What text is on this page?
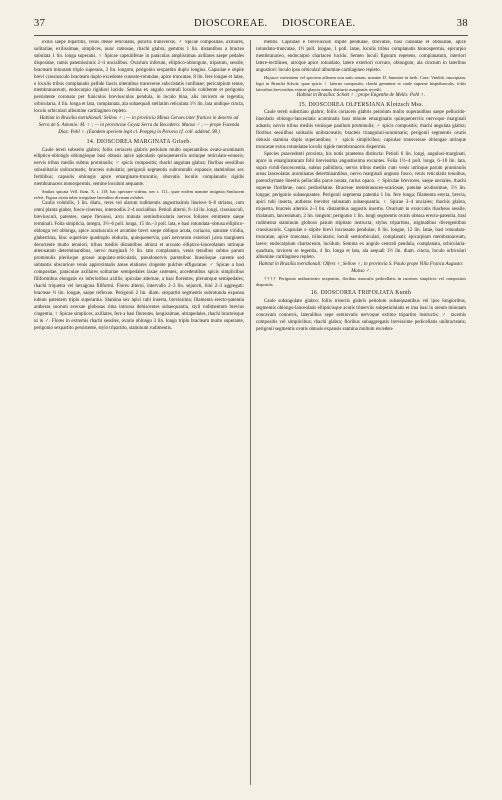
37	DIOSCOREAE. DIOSCOREAE.	38

exilis saepe bipartitis, venis dense reticulatis, punctis transversis. ♂ Spicae compositae, axillares, solitariae, exilissimae, simplices, nunc ramosae, rhachi glabra, gemmis 1 lin. distantibus a bractea subulata 1 lin. longa superatis. ♀ Spicae capsuliferae in paniculas amplissimas axillares saepe pedales dispositae, ramis patentissimis 2–4 uncialibus. Ovarium inferum, elliptico-oblongum, triparum, sessile, bracteam minutam triplo superans, 3 lin. longum, perigonio sexpartito duplo longius. Capsulae e stipite brevi crassiusculo bracteam duplo excedente cuneato-rotundae, apice truncatae, 8 lin. fere longae et latae, e loculis tribus complanatis pellide fascis nitentibus transverse subcristatis conflatae; pericarpium tenue, membranaceum, endocarpio rigidiori lucido. Semina ex angulo centrali loculis cohibente et perigonio persistente coronato per funiculos breviusculos pendula, in loculo bina, alis invicem se tegentia, orbicularia, 4 lin. longa et lata, complanata, ala subaequali stellatim reticulata 1½ lin. lata undique cincta, loculo orbiculari albumine cartilagineo repleto.

Habitat in Brasilia meridionali: Sellow ♂ ; — in provincia Minas Geraes inter frutices in deserto ad Serra de S. Antonio: M. ♀ ; — in provinciae Goyaz Serra da Bocadera: Manso ♂ ; — prope Fazenda Diaz: Pohl ♀. (Eandem speciem legit cl. Poeppig in Peruvia cf. coll. addend. 98.)

14. DIOSCOREA MARGINATA Griseb.

Caule tereti subserio glabro; foliis coriaceis glabris petiolum multo superantibus ovato-acuminatis elliptico-oblongis oblongisque basi obtusis apice apiculatis quinquenerviis utrinque reticulato-venosis; nervis tribus mediis subtus prominulis; ♂ spicis compositis; rhachi angulata glabra; floribus sessilibus subsolitariis unibracteatis; bracteis subulatis; perigonii segmentis subrotundis expansis staminibus sex fertilibus; capsulis oblongis apice emarginato-truncatis, obovatis loculis complanatis rigidis membranaceis monospermis, semine loculum aequante.

Smilax spicata Vell. flum. X. t. 118. hac spectare videtur, nec t. 111., quae eodem nomine insignita Smilacem refert. Figura citata tuber irregulare lateraliter divisum exhibet.

Caulis volubilis, 1 lin. diam., teres vel alarum rudimentis angustissimis lineisve 6–8 striatus, cum omni planta glaber, fusco-cinereus, internodiis 2–4 uncialibus. Petioli alterni, 8–14 lin. longi, crassiusculi, breviusculi, patentes, saepe flexuosi, arcu minuta semiorbicularia nervos foliares emittente saepe terminali. Folia simplicia, integra, 3½–6 poll. longa, 15 lin.–3 poll. lata, e basi rotundata–obtusa elliptico-oblonga vel oblonga, apice acutiuscula et acumine brevi saepe obliquo acuta, coriacea, saturate viridia, glaberrima, hinc superiore quadruplo obducta, quinquenervia, pari nervorum exteriori juxta marginem decurrente multo tenuiori, tribus mediis distantibus altiora et arcuato elliptico-lanceolatam utrinque attenuatam determinantibus, nervo marginali ½ lin. tato complanato, venis tenuibus subtus parum prominulis pleriisque grosse angulato-reticulatis, pseudonervis parentibus lineolisque carente sed subtantis obscuriore venis approximatis areae elatiores cingente pulchre effiguratae. ♂ Spicae a basi compositae, paniculae axillares solitariae semipedales laxae sistentes, accedentibus spicis simplicibus filiformibus elongatis ex inferioribus axillis; spiculae alternae, a basi florentes, plerumque semipedales, rhachi triquetra vel hexagona filiformi. Flores alterni, intervallo 2–3 lin. sejuncti, bini 2–3 aggregati: bracteae ½ lin. longae, saepe reflexae. Perigonii 2 lin. diam. sexpartiti segmentis subrotunda expansa tubum patentem triplo superantia. Stamina sex apici tubi inserta, brevissima; filamenta erecto-patentia antheras suorum aversae globosas rima introrsa dehiscentes subaequantia, styli rudimentum brevius cingentia. ♀ Spicae simplices, axillares, fere a basi florentes, longissimae, ultrapedales, rhachi bracteisque ut in ♂. Flores in extremis rhachi sessiles, ovario oblongo 3 lin. longo triplo bracteam multo superante, perigonio sexpartito persistente, stylo tripartito, staminum rudimentis.

mentis. Capsulae e breviusculo stipite pendulae, obovatae, basi cuneatae et obtusatae, apice rotundato-truncatae, 1½ poll. longae, 1 poll. latae, loculis tribus complanatis monospermis, epicarpio membranaceo, endocarpio chartaceo lucido. Semen loculi figuram repetens, complanatum, interiori latere-rectilineo, utroque apice rotundato, latere exteriori curvato, oblongum, ala cinctum in lateribus angustiori: loculo ipso orbiculari albumine cartilagineo repleto.

Hujusce varietatem vel speciem affinem non satis notam, nomine D. Janonise in herb. Caes. Vindob. inscriptam, legit in Brasilia Schott; quae spicis ♀ laterno compositis, rhachi gemmine et caule superne hispidiusculis, foliis latioribus brevioribus eximie glaucis minus distincte marginatis recedit.

Habitat in Brasilia: Schott ♂ ; prope Engenho de Mello: Pohl ♀.

15. DIOSCOREA OLFERSIANA Klotzsch Mss.

Caule tereti substriato glabro; foliis coriaceis glabris petiolum multo superantibus saepe pellucido-lineolatis oblongo-lanceolatis acuminatis basi minute emarginatis quinquenerviis nervoque marginali adnatis; nervis tribus mediis venisque paullum prominulis; ♂ spicis compositis; rhachi angulata glabra; floribus sessilibus solitariis unibracteatis; bracteis triangulari-acuminatis; perigonii segmentis ovatis obtusis stamina duplo superantibus; ♀ spicis simplicibus; capsulae transversae oblongae utrinque truncatae extus rotundatae loculis rigide membranaceis dispermis.

Species praecedenti proxima, his notis praeterea distincta: Petioli 6 lin. longi, angulosi-marginati, apice in emarginaturam folii brevissima angustissima excuntes. Folia 1½–4 poll. longa, 6–18 lin. lata, supra viridi-fuscescentia, subtus pallidiora, nervis tribus mediis cum venis utrinque parum prominulis areas lanceolatas acuminatas determinantibus, nervo marginali angusto fusco, venis reticulatis tenuibus, parenchymate lineolis pellucidis parce notata, rarius opaco. ♂ Spiculae breviores, saepe unciales, rhachi superne floriferae, nunc pedicellatae. Bracteae membranaceo-scariosae, patulae acutissimae, 1½ lin. longae; perigonio subaequantes. Perigonii segmenta patentia 1 lin. fere longa; filamenta erecta, brevia, apici tubi inserta, antheras breviter subnatam subaequantia. ♀ Spicae 3–4 unciales; rhachis glabra, triquetra, bracteis alternis 2–3 lin. distantibus augustis insertis. Ovarium in exsiccatis rhacheos sessile, trialatum, lanceolatum, 2 lin. longum; perigonio 1 lin. longi segmentis ovatis obtusa erecto-patentia, basi rudimenta staminum globoso parum stipitato instructa; stylus tripartitus, stigmatibus divergentibus crassiusculis. Capsulae e stipite brevi incrassato pendulae, 8 lin. longae, 12 lin. latae, basi rotundato-truncatae, apice truncatae, trilocularis; loculi semiorbiculari, complanati; epicarpium membranaceum, laeve; endocarpium chartaceum, lucidum. Semina ex angulo centrali pendula, complanata, orbicularia-quadrata, invicem se tegentia, 4 lin. longa et lata, ala aequali 1½ lin. diam. cincta, loculo orbiculari albumine cartilagineo repleto.

Habitat in Brasilia meridionali: Olfers ♂, Sellow ♀; in provincia S. Paulo prope Villa Franca Augusto: Manso ♂.

†††† Perigonio unibracteato sexpartito, floribus masculis pedicellatis in racemos simplices vel compositos dispositis.

16. DIOSCOREA TRIFOLIATA Kunth

Caule subangulato glabro; foliis trisectis glabris petiolum subaequantibus vel ipso longioribus, segmentis oblongo-lanceolatis ellipticisque acutis trinerviis subpetiolulatis et ima basi in areum minutam concavam connexis, lateralibus sepe semiovatis nervoque extimo tripartito instructis; ♂ racemis compositis vel simplicibus; rhachi glabra; floribus subaggregatis brevissime pedicellatis unibracteatis; perigonii segmentis ovatis obtusis expansis stamina multum exceden-
